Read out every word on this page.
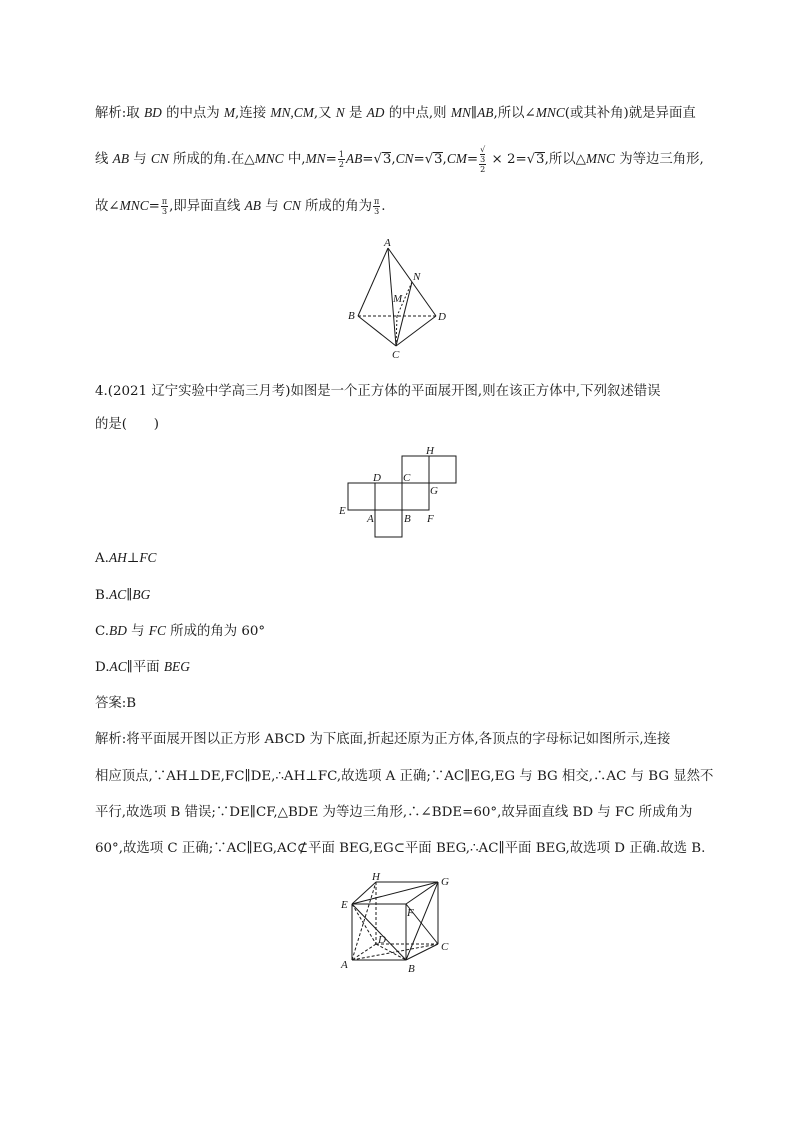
解析:取 BD 的中点为 M,连接 MN,CM,又 N 是 AD 的中点,则 MN∥AB,所以∠MNC(或其补角)就是异面直
线 AB 与 CN 所成的角.在△MNC 中$,MN= \frac{1}{2} AB=√3,CN=√3,CM=$ √
3
2 × 2=√3,所以△MNC 为等边三角形,
故∠MNC= $\frac{\pi}{3}$ ,即异面直线 AB 与 CN 所成的角为 $\frac{\pi}{3}$ .
A
N
M
B	D
C
4.(2021 辽宁实验中学高三月考)如图是一个正方体的平面展开图,则在该正方体中,下列叙述错误
的是(　　)
H
D C
G
E
A	B F
A.AH⊥FC
B.AC∥BG
C.BD 与 FC 所成的角为 60°
D.AC∥平面 BEG
答案:B
解析:将平面展开图以正方形 ABCD 为下底面,折起还原为正方体,各顶点的字母标记如图所示,连接
相应顶点,∵AH⊥DE,FC∥DE,∴AH⊥FC,故选项 A 正确;∵AC∥EG,EG 与 BG 相交,∴AC 与 BG 显然不
平行,故选项 B 错误;∵DE∥CF,△BDE 为等边三角形,∴∠BDE=60°,故异面直线 BD 与 FC 所成角为
60°,故选项 C 正确;∵AC∥EG,AC⊄平面 BEG,EG⊂平面 BEG,∴AC∥平面 BEG,故选项 D 正确.故选 B.
H	G
E
F
D
C
A	B
